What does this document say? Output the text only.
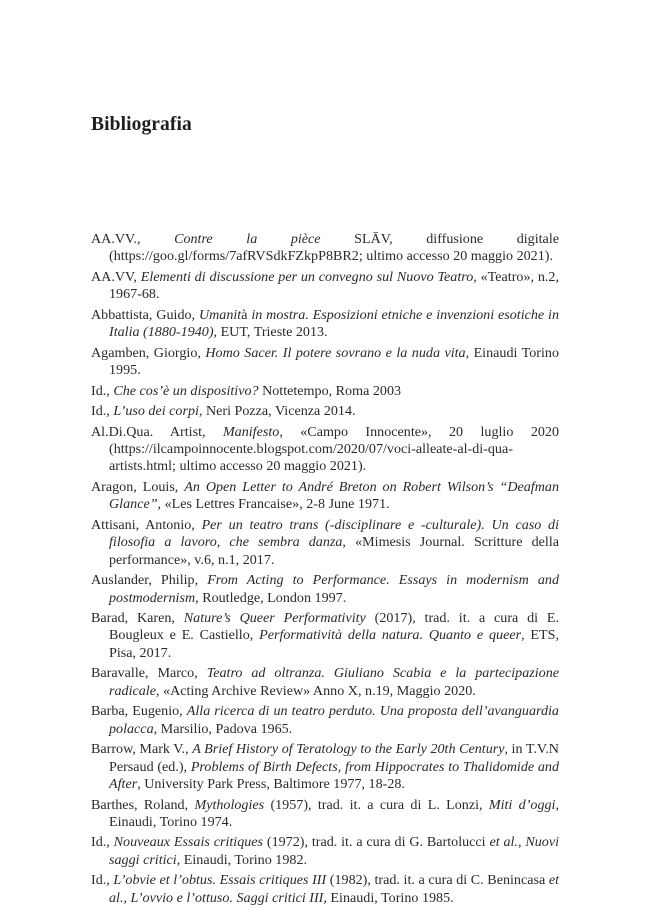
Bibliografia
AA.VV., Contre la pièce SLĀV, diffusione digitale (https://goo.gl/forms/7afRVSdkFZkpP8BR2; ultimo accesso 20 maggio 2021).
AA.VV, Elementi di discussione per un convegno sul Nuovo Teatro, «Teatro», n.2, 1967-68.
Abbattista, Guido, Umanità in mostra. Esposizioni etniche e invenzioni esotiche in Italia (1880-1940), EUT, Trieste 2013.
Agamben, Giorgio, Homo Sacer. Il potere sovrano e la nuda vita, Einaudi Torino 1995.
Id., Che cos’è un dispositivo? Nottetempo, Roma 2003
Id., L’uso dei corpi, Neri Pozza, Vicenza 2014.
Al.Di.Qua. Artist, Manifesto, «Campo Innocente», 20 luglio 2020 (https://ilcampoinnocente.blogspot.com/2020/07/voci-alleate-al-di-qua-artists.html; ultimo accesso 20 maggio 2021).
Aragon, Louis, An Open Letter to André Breton on Robert Wilson’s “Deafman Glance”, «Les Lettres Francaise», 2-8 June 1971.
Attisani, Antonio, Per un teatro trans (-disciplinare e -culturale). Un caso di filosofia a lavoro, che sembra danza, «Mimesis Journal. Scritture della performance», v.6, n.1, 2017.
Auslander, Philip, From Acting to Performance. Essays in modernism and postmodernism, Routledge, London 1997.
Barad, Karen, Nature’s Queer Performativity (2017), trad. it. a cura di E. Bougleux e E. Castiello, Performatività della natura. Quanto e queer, ETS, Pisa, 2017.
Baravalle, Marco, Teatro ad oltranza. Giuliano Scabia e la partecipazione radicale, «Acting Archive Review» Anno X, n.19, Maggio 2020.
Barba, Eugenio, Alla ricerca di un teatro perduto. Una proposta dell’avanguardia polacca, Marsilio, Padova 1965.
Barrow, Mark V., A Brief History of Teratology to the Early 20th Century, in T.V.N Persaud (ed.), Problems of Birth Defects, from Hippocrates to Thalidomide and After, University Park Press, Baltimore 1977, 18-28.
Barthes, Roland, Mythologies (1957), trad. it. a cura di L. Lonzi, Miti d’oggi, Einaudi, Torino 1974.
Id., Nouveaux Essais critiques (1972), trad. it. a cura di G. Bartolucci et al., Nuovi saggi critici, Einaudi, Torino 1982.
Id., L’obvie et l’obtus. Essais critiques III (1982), trad. it. a cura di C. Benincasa et al., L’ovvio e l’ottuso. Saggi critici III, Einaudi, Torino 1985.
